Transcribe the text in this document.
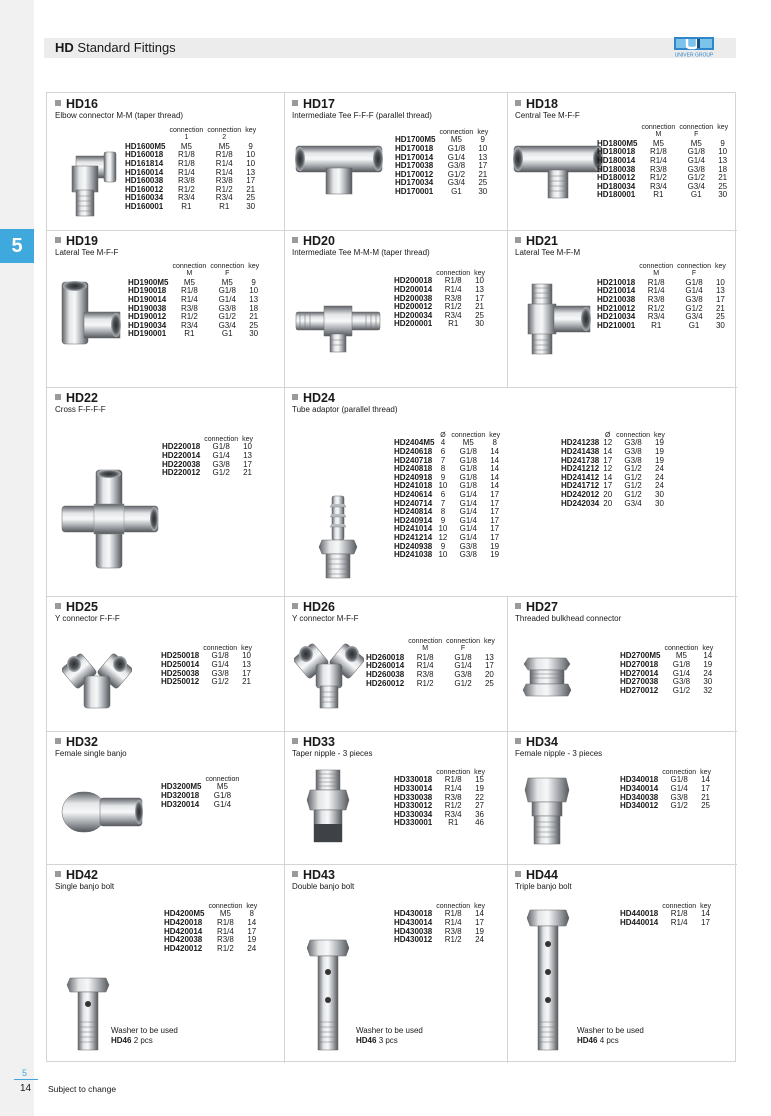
HD Standard Fittings
UNIVER GROUP
5
5
14 Subject to change
HD16
Elbow connector M-M (taper thread)
	connection	connection	key
	1	2	
HD1600M5	M5	M5	9
HD160018	R1/8	R1/8	10
HD161814	R1/8	R1/4	10
HD160014	R1/4	R1/4	13
HD160038	R3/8	R3/8	17
HD160012	R1/2	R1/2	21
HD160034	R3/4	R3/4	25
HD160001	R1	R1	30
HD17
Intermediate Tee F-F-F (parallel thread)
	connection	key
HD1700M5	M5	9
HD170018	G1/8	10
HD170014	G1/4	13
HD170038	G3/8	17
HD170012	G1/2	21
HD170034	G3/4	25
HD170001	G1	30
HD18
Central Tee M-F-F
	connection	connection	key
	M	F	
HD1800M5	M5	M5	9
HD180018	R1/8	G1/8	10
HD180014	R1/4	G1/4	13
HD180038	R3/8	G3/8	18
HD180012	R1/2	G1/2	21
HD180034	R3/4	G3/4	25
HD180001	R1	G1	30
HD19
Lateral Tee M-F-F
	connection	connection	key
	M	F	
HD1900M5	M5	M5	9
HD190018	R1/8	G1/8	10
HD190014	R1/4	G1/4	13
HD190038	R3/8	G3/8	18
HD190012	R1/2	G1/2	21
HD190034	R3/4	G3/4	25
HD190001	R1	G1	30
HD20
Intermediate Tee M-M-M (taper thread)
	connection	key
HD200018	R1/8	10
HD200014	R1/4	13
HD200038	R3/8	17
HD200012	R1/2	21
HD200034	R3/4	25
HD200001	R1	30
HD21
Lateral Tee M-F-M
	connection	connection	key
	M	F	
HD210018	R1/8	G1/8	10
HD210014	R1/4	G1/4	13
HD210038	R3/8	G3/8	17
HD210012	R1/2	G1/2	21
HD210034	R3/4	G3/4	25
HD210001	R1	G1	30
HD22
Cross F-F-F-F
	connection	key
HD220018	G1/8	10
HD220014	G1/4	13
HD220038	G3/8	17
HD220012	G1/2	21
HD24
Tube adaptor (parallel thread)
	Ø	connection	key
HD2404M5	4	M5	8
HD240618	6	G1/8	14
HD240718	7	G1/8	14
HD240818	8	G1/8	14
HD240918	9	G1/8	14
HD241018	10	G1/8	14
HD240614	6	G1/4	17
HD240714	7	G1/4	17
HD240814	8	G1/4	17
HD240914	9	G1/4	17
HD241014	10	G1/4	17
HD241214	12	G1/4	17
HD240938	9	G3/8	19
HD241038	10	G3/8	19
	Ø	connection	key
HD241238	12	G3/8	19
HD241438	14	G3/8	19
HD241738	17	G3/8	19
HD241212	12	G1/2	24
HD241412	14	G1/2	24
HD241712	17	G1/2	24
HD242012	20	G1/2	30
HD242034	20	G3/4	30
HD25
Y connector F-F-F
	connection	key
HD250018	G1/8	10
HD250014	G1/4	13
HD250038	G3/8	17
HD250012	G1/2	21
HD26
Y connector M-F-F
	connection	connection	key
	M	F	
HD260018	R1/8	G1/8	13
HD260014	R1/4	G1/4	17
HD260038	R3/8	G3/8	20
HD260012	R1/2	G1/2	25
HD27
Threaded bulkhead connector
	connection	key
HD2700M5	M5	14
HD270018	G1/8	19
HD270014	G1/4	24
HD270038	G3/8	30
HD270012	G1/2	32
HD32
Female single banjo
	connection
HD3200M5	M5
HD320018	G1/8
HD320014	G1/4
HD33
Taper nipple - 3 pieces
	connection	key
HD330018	R1/8	15
HD330014	R1/4	19
HD330038	R3/8	22
HD330012	R1/2	27
HD330034	R3/4	36
HD330001	R1	46
HD34
Female nipple - 3 pieces
	connection	key
HD340018	G1/8	14
HD340014	G1/4	17
HD340038	G3/8	21
HD340012	G1/2	25
HD42
Single banjo bolt
	connection	key
HD4200M5	M5	8
HD420018	R1/8	14
HD420014	R1/4	17
HD420038	R3/8	19
HD420012	R1/2	24
Washer to be used
HD46 2 pcs
HD43
Double banjo bolt
	connection	key
HD430018	R1/8	14
HD430014	R1/4	17
HD430038	R3/8	19
HD430012	R1/2	24
Washer to be used
HD46 3 pcs
HD44
Triple banjo bolt
	connection	key
HD440018	R1/8	14
HD440014	R1/4	17
Washer to be used
HD46 4 pcs
